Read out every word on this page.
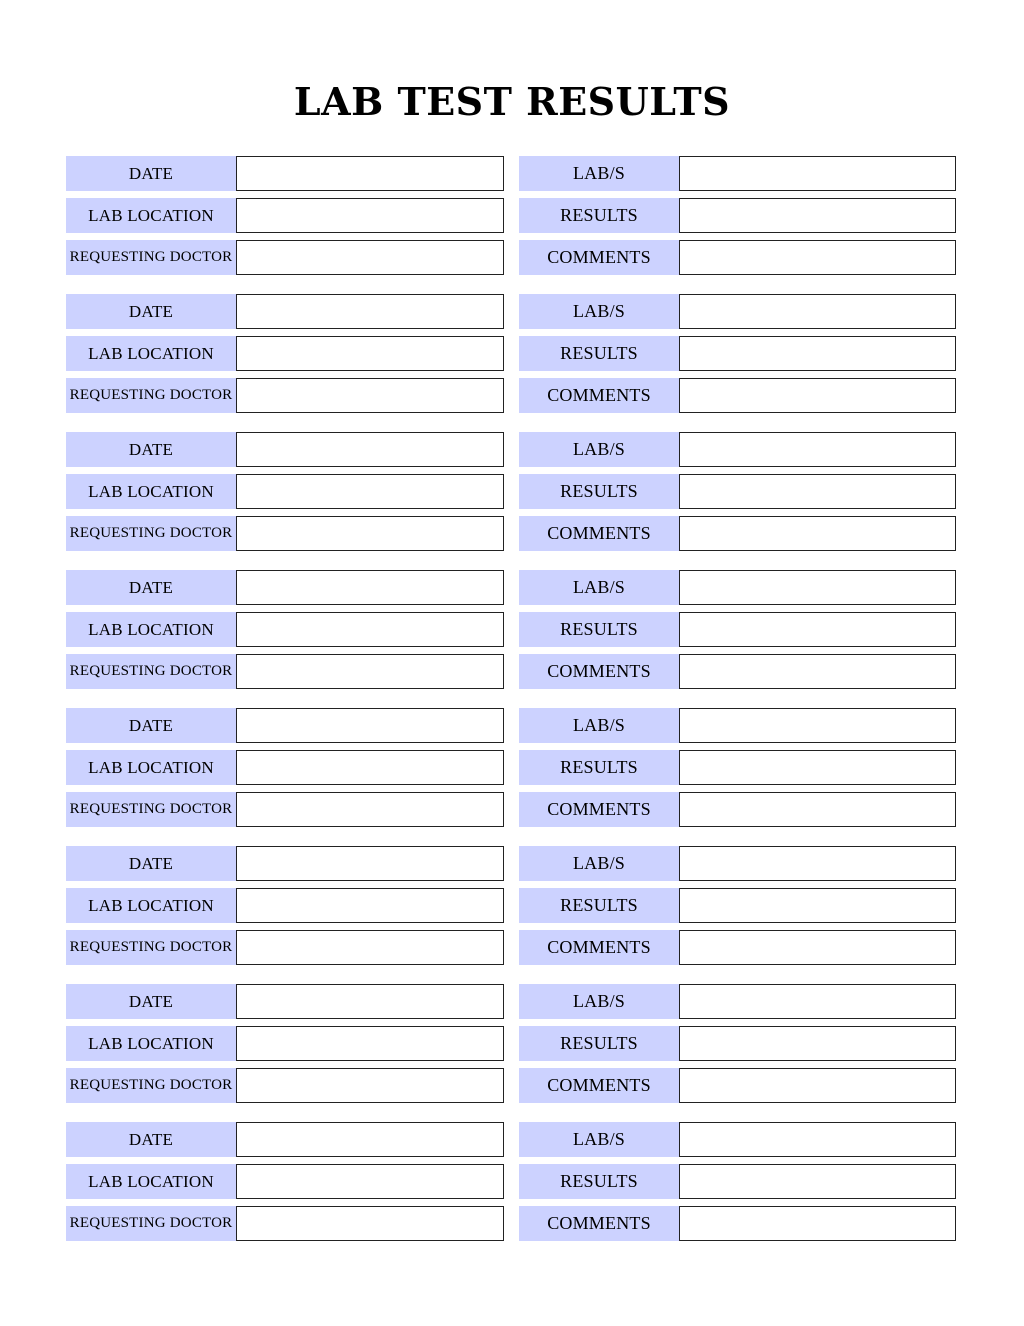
LAB TEST RESULTS
DATE
LAB LOCATION
REQUESTING DOCTOR
LAB/S
RESULTS
COMMENTS
DATE
LAB LOCATION
REQUESTING DOCTOR
LAB/S
RESULTS
COMMENTS
DATE
LAB LOCATION
REQUESTING DOCTOR
LAB/S
RESULTS
COMMENTS
DATE
LAB LOCATION
REQUESTING DOCTOR
LAB/S
RESULTS
COMMENTS
DATE
LAB LOCATION
REQUESTING DOCTOR
LAB/S
RESULTS
COMMENTS
DATE
LAB LOCATION
REQUESTING DOCTOR
LAB/S
RESULTS
COMMENTS
DATE
LAB LOCATION
REQUESTING DOCTOR
LAB/S
RESULTS
COMMENTS
DATE
LAB LOCATION
REQUESTING DOCTOR
LAB/S
RESULTS
COMMENTS
